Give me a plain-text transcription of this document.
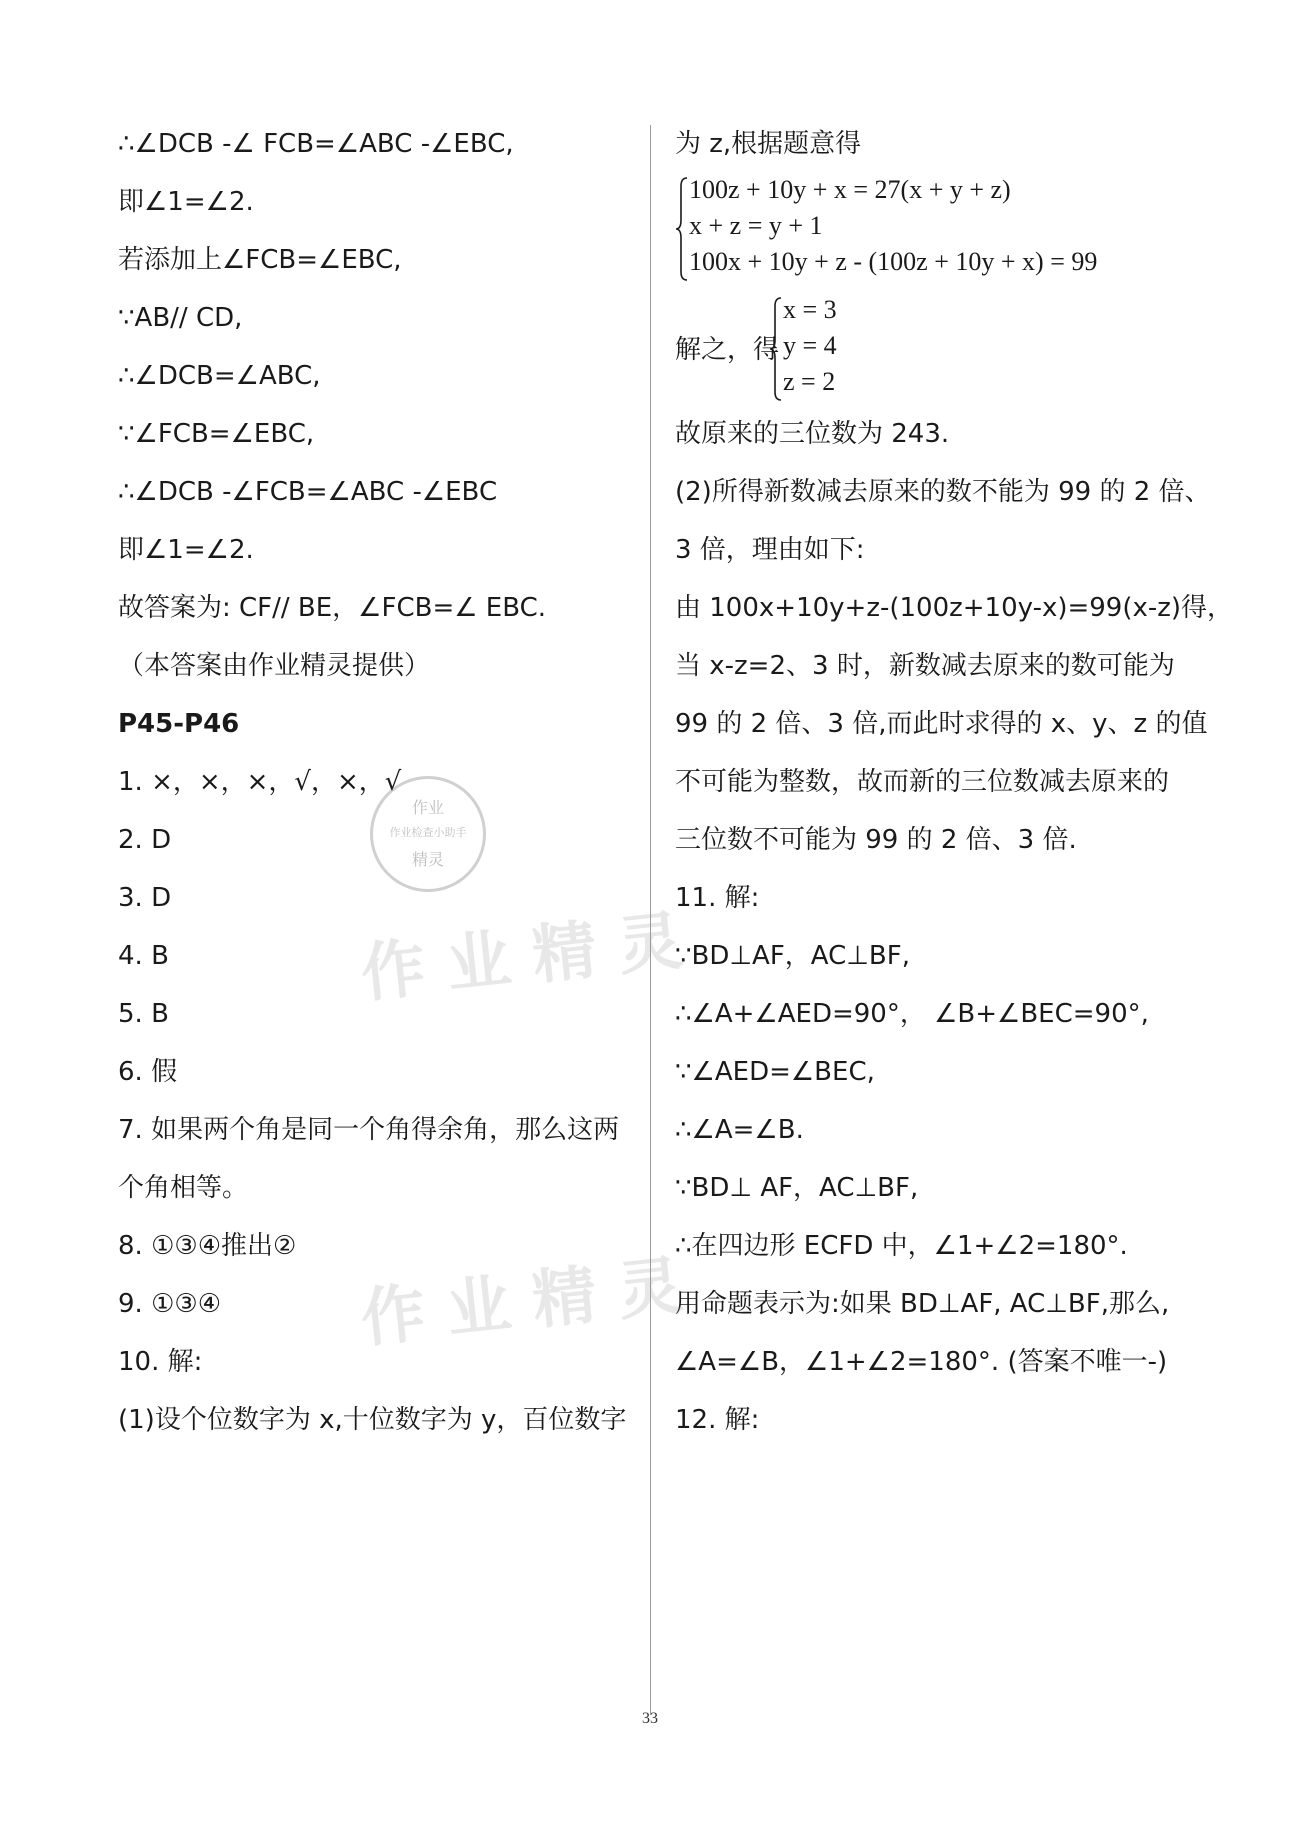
∴∠DCB -∠ FCB=∠ABC -∠EBC,
即∠1=∠2.
若添加上∠FCB=∠EBC,
∵AB// CD,
∴∠DCB=∠ABC,
∵∠FCB=∠EBC,
∴∠DCB -∠FCB=∠ABC -∠EBC
即∠1=∠2.
故答案为: CF// BE，∠FCB=∠ EBC.
（本答案由作业精灵提供）
P45-P46
1. ×，×，×，√，×，√
2. D
3. D
4. B
5. B
6. 假
7. 如果两个角是同一个角得余角，那么这两
个角相等。
8. ①③④推出②
9. ①③④
10. 解:
(1)设个位数字为 x,十位数字为 y，百位数字
为 z,根据题意得
100z + 10y + x = 27(x + y + z)
x + z = y + 1
100x + 10y + z - (100z + 10y + x) = 99
解之，得
x = 3
y = 4
z = 2
故原来的三位数为 243.
(2)所得新数减去原来的数不能为 99 的 2 倍、
3 倍，理由如下:
由 100x+10y+z-(100z+10y-x)=99(x-z)得，
当 x-z=2、3 时，新数减去原来的数可能为
99 的 2 倍、3 倍,而此时求得的 x、y、z 的值
不可能为整数，故而新的三位数减去原来的
三位数不可能为 99 的 2 倍、3 倍.
11. 解:
∵BD⊥AF，AC⊥BF,
∴∠A+∠AED=90°， ∠B+∠BEC=90°,
∵∠AED=∠BEC,
∴∠A=∠B.
∵BD⊥ AF，AC⊥BF,
∴在四边形 ECFD 中，∠1+∠2=180°.
用命题表示为:如果 BD⊥AF, AC⊥BF,那么,
∠A=∠B，∠1+∠2=180°. (答案不唯一-)
12. 解:
作业精灵
作业精灵
作业
作业检查小助手
精灵
33
